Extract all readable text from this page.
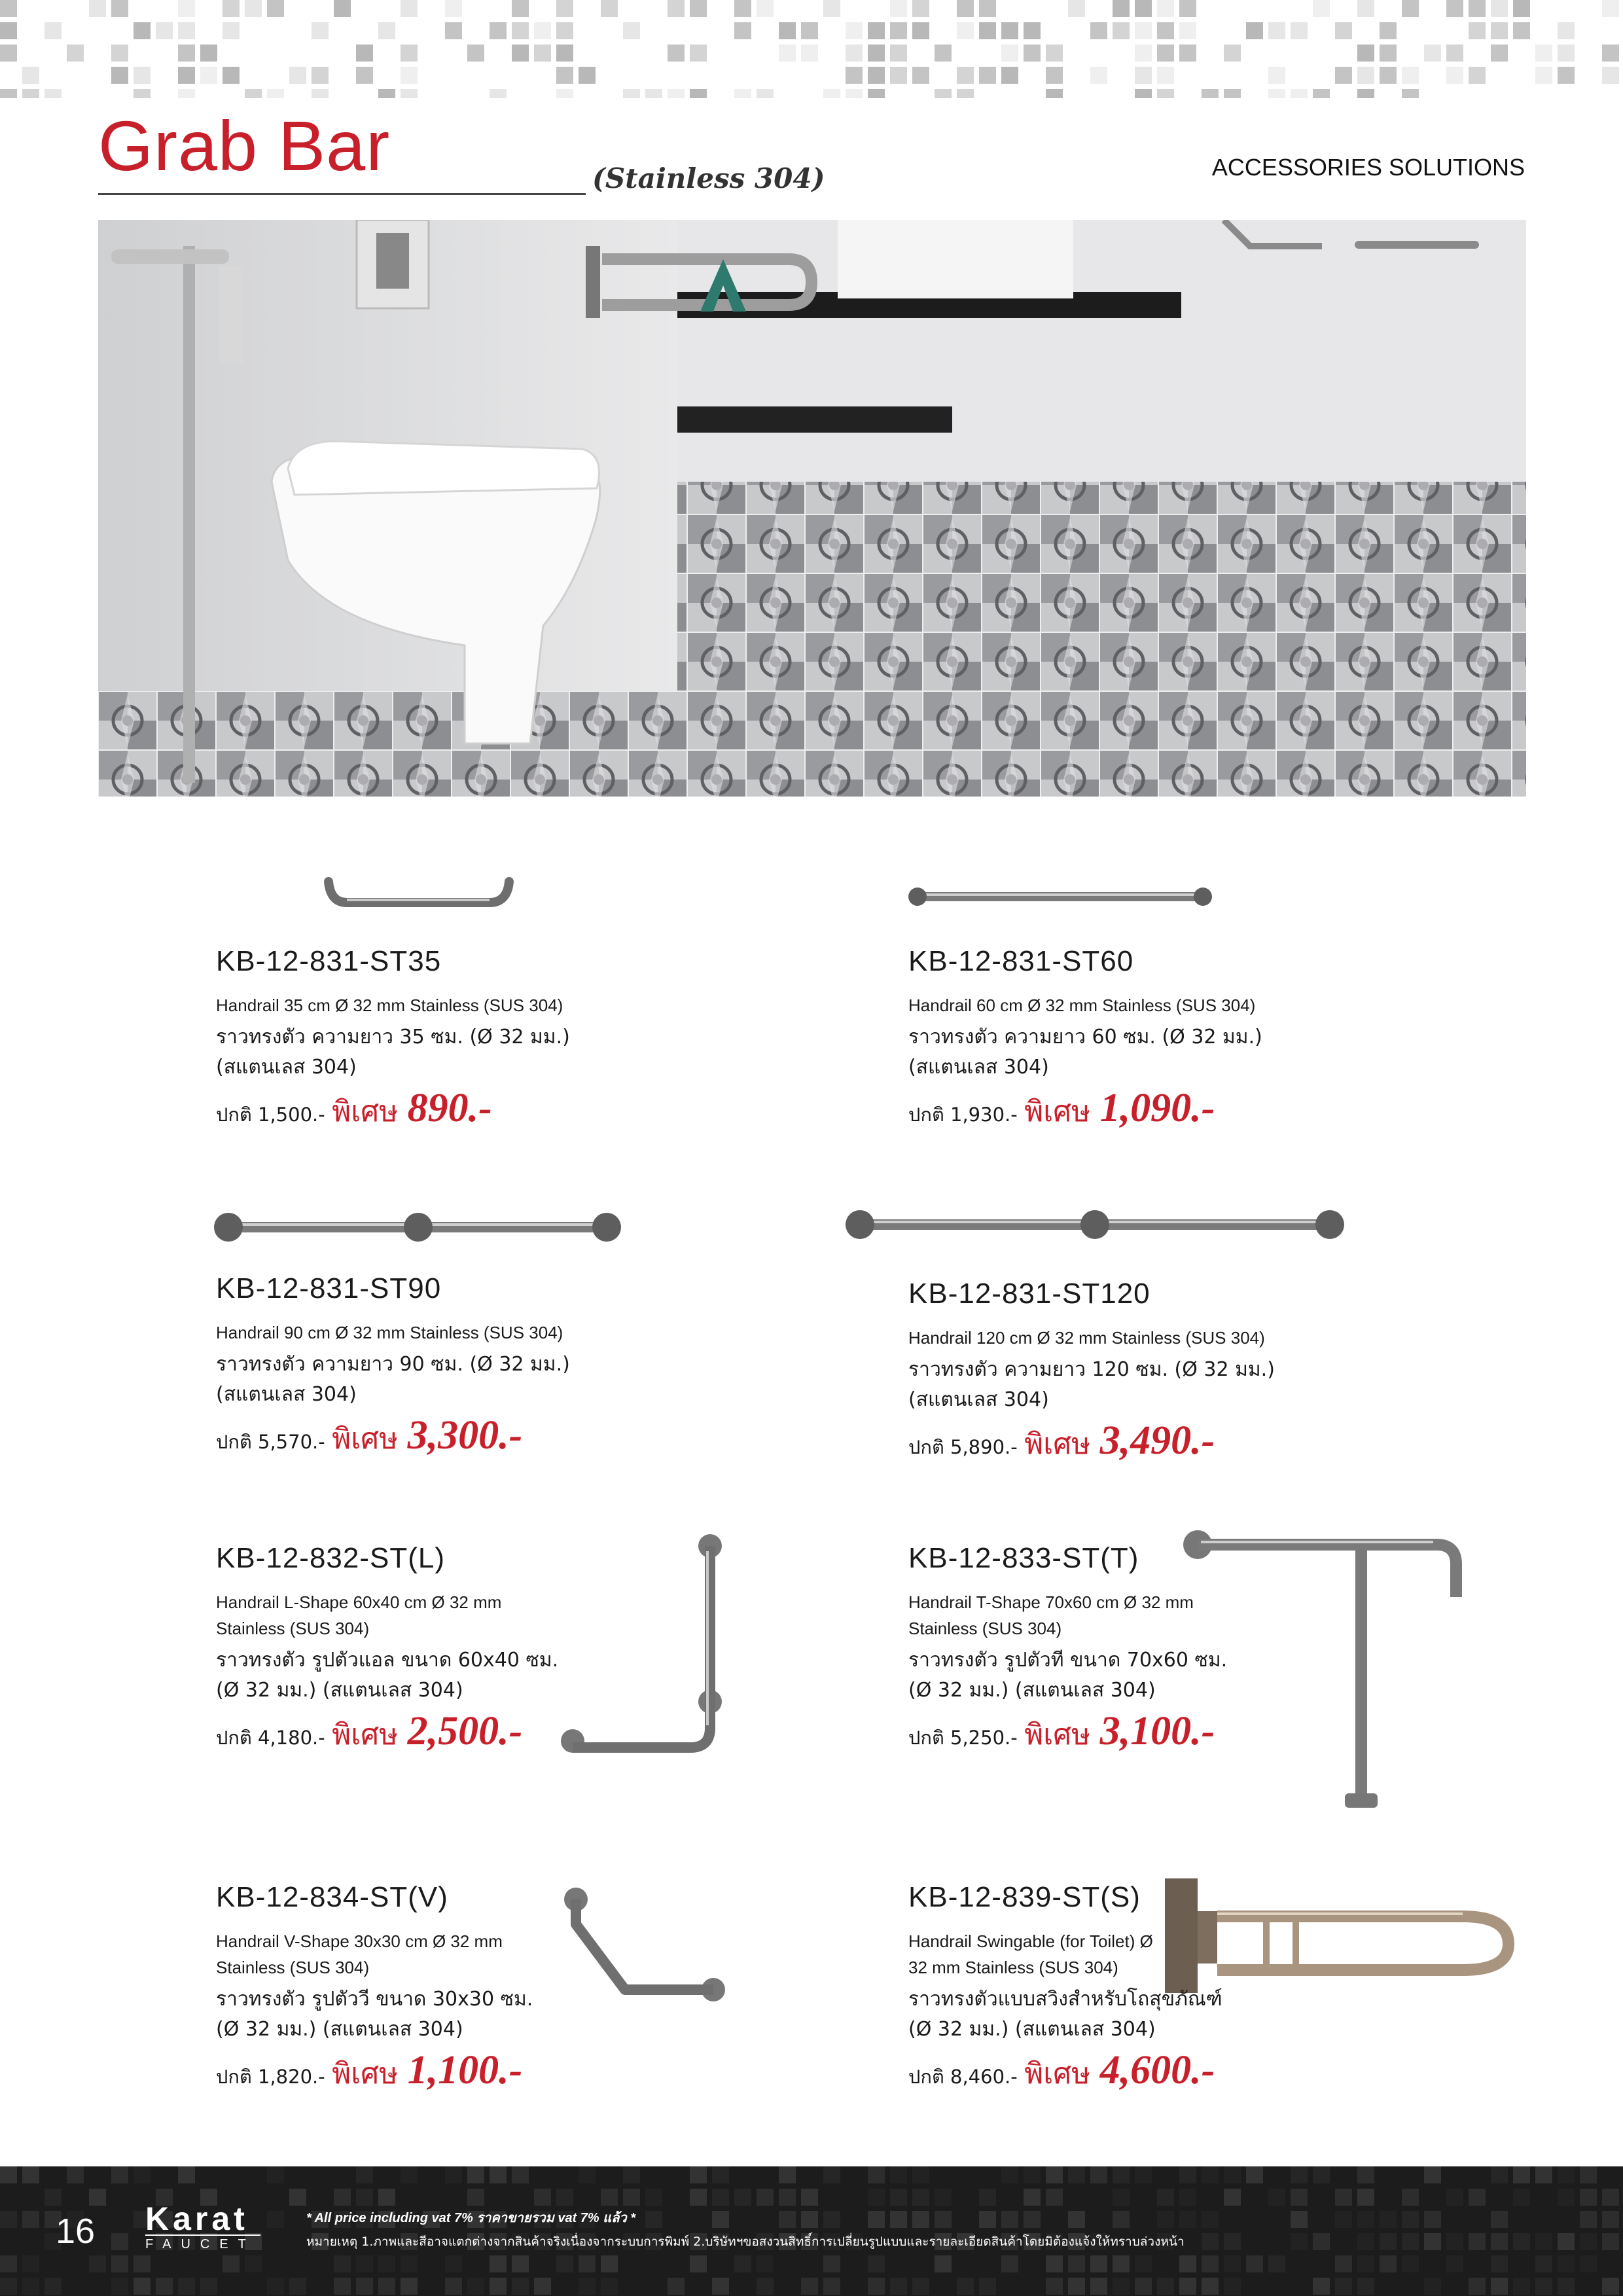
Grab Bar	(Stainless 304)	ACCESSORIES SOLUTIONS
KB-12-831-ST35
Handrail 35 cm Ø 32 mm Stainless (SUS 304)
ราวทรงตัว ความยาว 35 ซม. (Ø 32 มม.)
(สแตนเลส 304)
ปกติ 1,500.- พิเศษ 890.-
KB-12-831-ST60
Handrail 60 cm Ø 32 mm Stainless (SUS 304)
ราวทรงตัว ความยาว 60 ซม. (Ø 32 มม.)
(สแตนเลส 304)
ปกติ 1,930.- พิเศษ 1,090.-
KB-12-831-ST90
Handrail 90 cm Ø 32 mm Stainless (SUS 304)
ราวทรงตัว ความยาว 90 ซม. (Ø 32 มม.)
(สแตนเลส 304)
ปกติ 5,570.- พิเศษ 3,300.-
KB-12-831-ST120
Handrail 120 cm Ø 32 mm Stainless (SUS 304)
ราวทรงตัว ความยาว 120 ซม. (Ø 32 มม.)
(สแตนเลส 304)
ปกติ 5,890.- พิเศษ 3,490.-
KB-12-832-ST(L)
Handrail L-Shape 60x40 cm Ø 32 mm Stainless (SUS 304)
ราวทรงตัว รูปตัวแอล ขนาด 60x40 ซม.
(Ø 32 มม.) (สแตนเลส 304)
ปกติ 4,180.- พิเศษ 2,500.-
KB-12-833-ST(T)
Handrail T-Shape 70x60 cm Ø 32 mm Stainless (SUS 304)
ราวทรงตัว รูปตัวที ขนาด 70x60 ซม.
(Ø 32 มม.) (สแตนเลส 304)
ปกติ 5,250.- พิเศษ 3,100.-
KB-12-834-ST(V)
Handrail V-Shape 30x30 cm Ø 32 mm Stainless (SUS 304)
ราวทรงตัว รูปตัววี ขนาด 30x30 ซม.
(Ø 32 มม.) (สแตนเลส 304)
ปกติ 1,820.- พิเศษ 1,100.-
KB-12-839-ST(S)
Handrail Swingable (for Toilet) Ø 32 mm Stainless (SUS 304)
ราวทรงตัวแบบสวิงสำหรับโถสุขภัณฑ์
(Ø 32 มม.) (สแตนเลส 304)
ปกติ 8,460.- พิเศษ 4,600.-
16 Karat
FAUCET
* All price including vat 7% ราคาขายรวม vat 7% แล้ว *
หมายเหตุ 1.ภาพและสีอาจแตกต่างจากสินค้าจริงเนื่องจากระบบการพิมพ์ 2.บริษัทฯขอสงวนสิทธิ์การเปลี่ยนรูปแบบและรายละเอียดสินค้าโดยมิต้องแจ้งให้ทราบล่วงหน้า
